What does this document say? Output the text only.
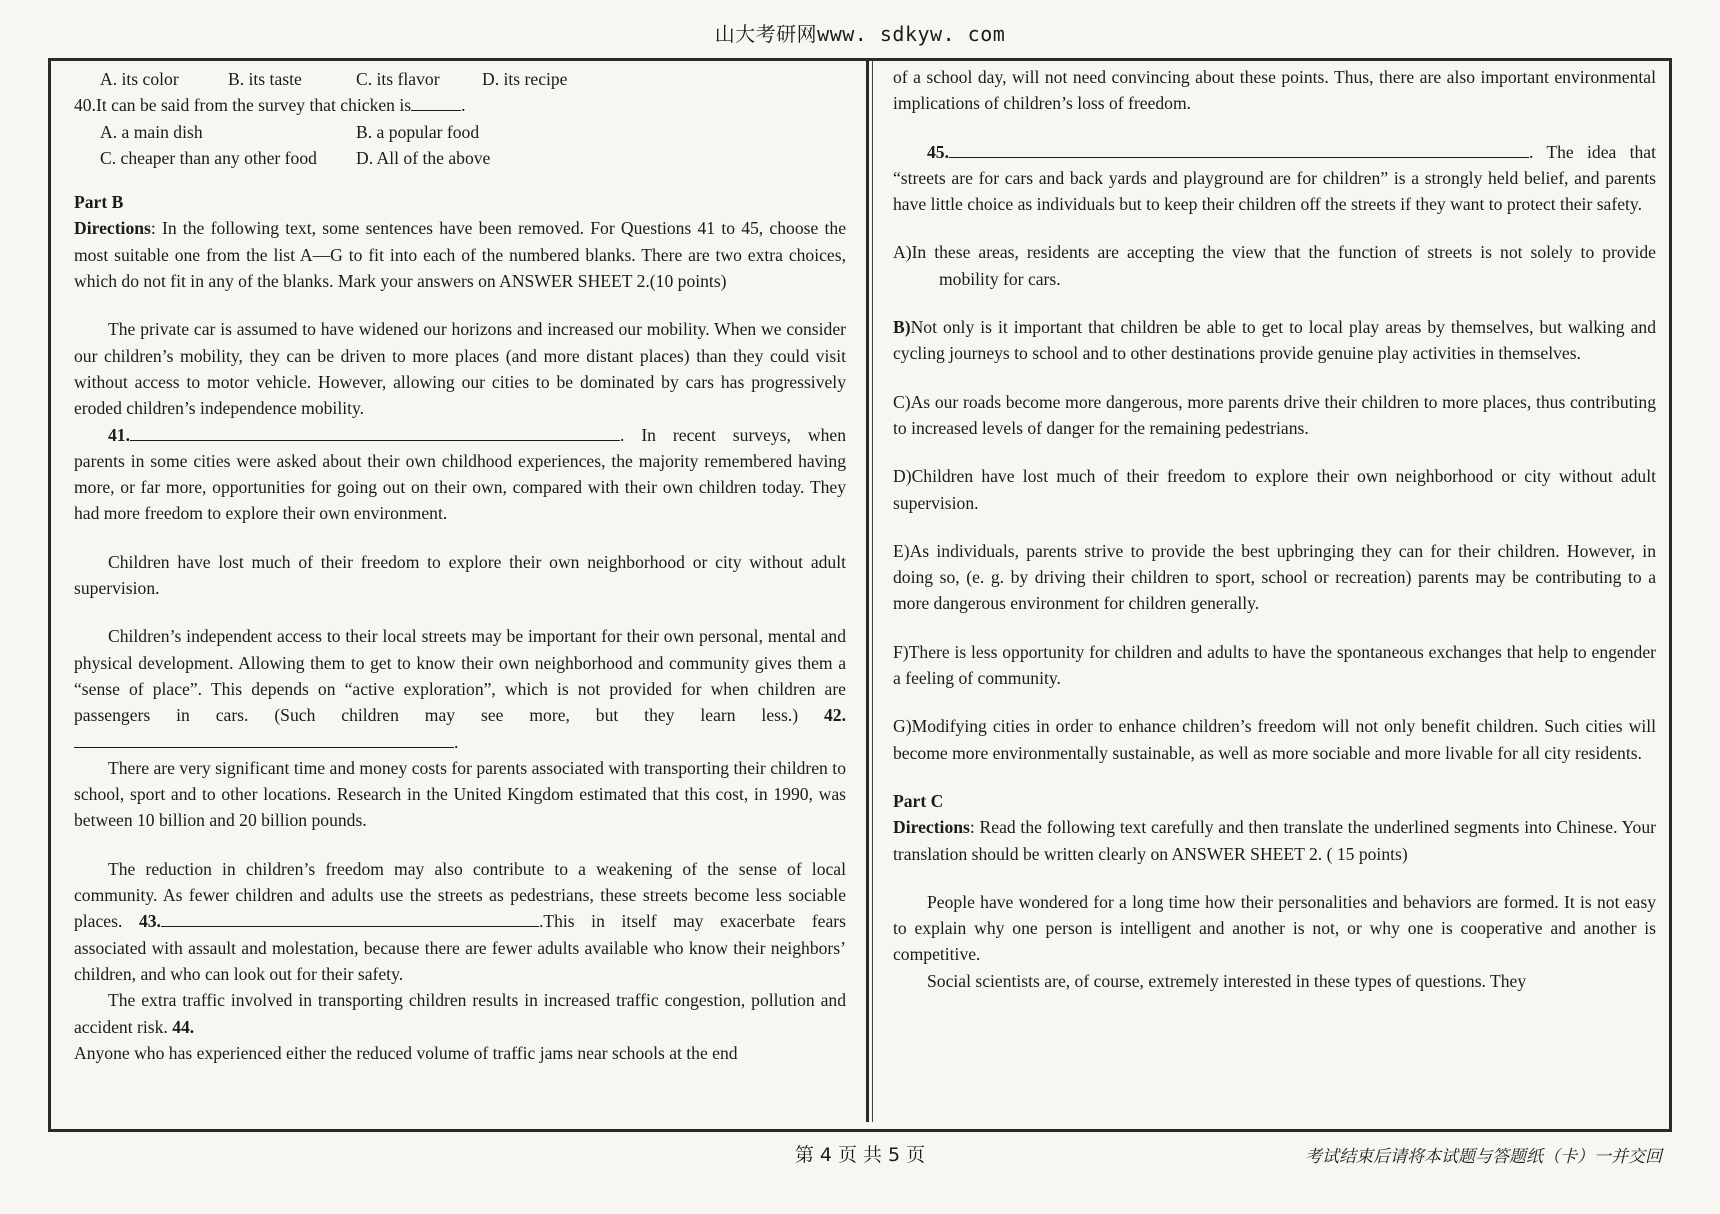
山大考研网www. sdkyw. com
A. its color	B. its taste	C. its flavor	D. its recipe

40.It can be said from the survey that chicken is	.

A. a main dish	B. a popular food
C. cheaper than any other food	D. All of the above

Part B

Directions: In the following text, some sentences have been removed. For Questions 41 to 45, choose the most suitable one from the list A—G to fit into each of the numbered blanks. There are two extra choices, which do not fit in any of the blanks. Mark your answers on ANSWER SHEET 2.(10 points)

The private car is assumed to have widened our horizons and increased our mobility. When we consider our children’s mobility, they can be driven to more places (and more distant places) than they could visit without access to motor vehicle. However, allowing our cities to be dominated by cars has progressively eroded children’s independence mobility.

41.	. In recent surveys, when parents in some cities were asked about their own childhood experiences, the majority remembered having more, or far more, opportunities for going out on their own, compared with their own children today. They had more freedom to explore their own environment.

Children have lost much of their freedom to explore their own neighborhood or city without adult supervision.

Children’s independent access to their local streets may be important for their own personal, mental and physical development. Allowing them to get to know their own neighborhood and community gives them a “sense of place”. This depends on “active exploration”, which is not provided for when children are passengers in cars. (Such children may see more, but they learn less.) 42..

There are very significant time and money costs for parents associated with transporting their children to school, sport and to other locations. Research in the United Kingdom estimated that this cost, in 1990, was between 10 billion and 20 billion pounds.

The reduction in children’s freedom may also contribute to a weakening of the sense of local community. As fewer children and adults use the streets as pedestrians, these streets become less sociable places. 43.	.This in itself may exacerbate fears associated with assault and molestation, because there are fewer adults available who know their neighbors’ children, and who can look out for their safety.

The extra traffic involved in transporting children results in increased traffic congestion, pollution and accident risk. 44.
Anyone who has experienced either the reduced volume of traffic jams near schools at the end

of a school day, will not need convincing about these points. Thus, there are also important environmental implications of children’s loss of freedom.

45.	. The idea that “streets are for cars and back yards and playground are for children” is a strongly held belief, and parents have little choice as individuals but to keep their children off the streets if they want to protect their safety.

A)In these areas, residents are accepting the view that the function of streets is not solely to provide mobility for cars.

B)Not only is it important that children be able to get to local play areas by themselves, but walking and cycling journeys to school and to other destinations provide genuine play activities in themselves.

C)As our roads become more dangerous, more parents drive their children to more places, thus contributing to increased levels of danger for the remaining pedestrians.

D)Children have lost much of their freedom to explore their own neighborhood or city without adult supervision.

E)As individuals, parents strive to provide the best upbringing they can for their children. However, in doing so, (e. g. by driving their children to sport, school or recreation) parents may be contributing to a more dangerous environment for children generally.

F)There is less opportunity for children and adults to have the spontaneous exchanges that help to engender a feeling of community.

G)Modifying cities in order to enhance children’s freedom will not only benefit children. Such cities will become more environmentally sustainable, as well as more sociable and more livable for all city residents.

Part C

Directions: Read the following text carefully and then translate the underlined segments into Chinese. Your translation should be written clearly on ANSWER SHEET 2. ( 15 points)

People have wondered for a long time how their personalities and behaviors are formed. It is not easy to explain why one person is intelligent and another is not, or why one is cooperative and another is competitive.

Social scientists are, of course, extremely interested in these types of questions. They

第 4 页 共 5 页	考试结束后请将本试题与答题纸（卡）一并交回
